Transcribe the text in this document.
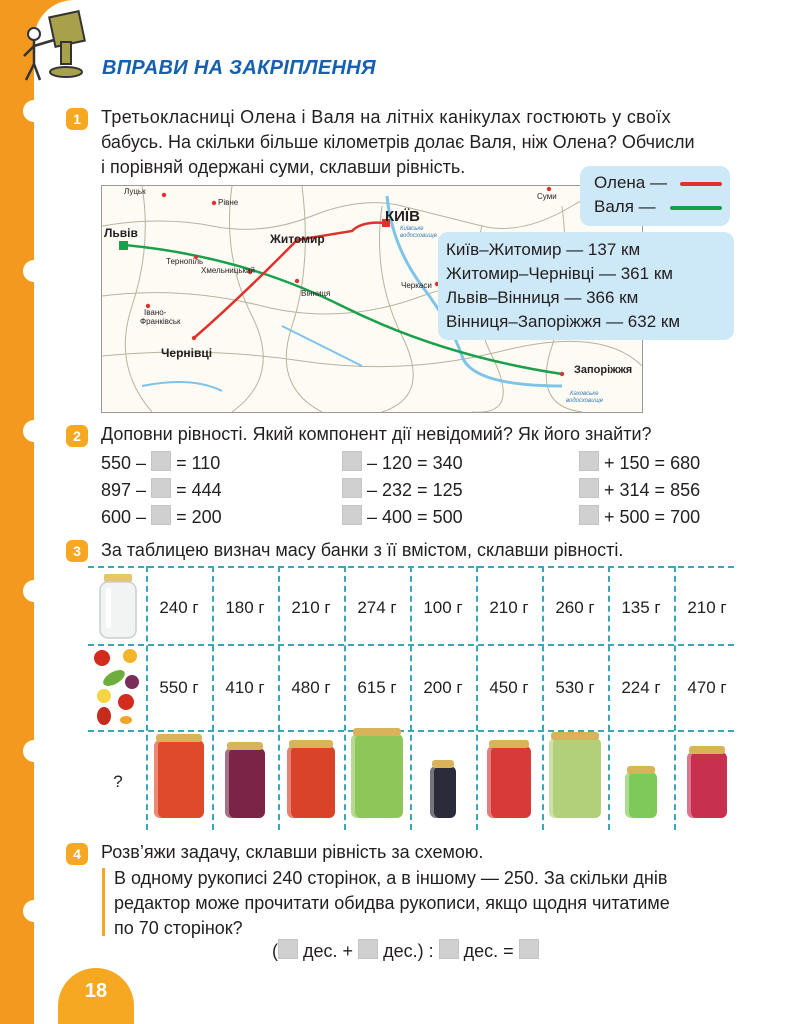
ВПРАВИ НА ЗАКРІПЛЕННЯ
1	Третьокласниці Олена і Валя на літніх канікулах гостюють у своїх
бабусь. На скільки більше кілометрів долає Валя, ніж Олена? Обчисли
і порівняй одержані суми, склавши рівність.
Луцьк
Рівне
Львів
Тернопіль
Хмельницький
Івано-
Франківськ
Чернівці
Житомир
КИЇВ
Київське
водосховище
Вінниця
Черкаси
Суми
Запоріжжя
Каховське
водосховище
Олена —
Валя —
Київ–Житомир — 137 км
Житомир–Чернівці — 361 км
Львів–Вінниця — 366 км
Вінниця–Запоріжжя — 632 км
2	Доповни рівності. Який компонент дії невідомий? Як його знайти?
550 – = 110
897 – = 444
600 – = 200
– 120 = 340
– 232 = 125
– 400 = 500
+ 150 = 680
+ 314 = 856
+ 500 = 700
3	За таблицею визнач масу банки з її вмістом, склавши рівності.
?
240 г	180 г	210 г	274 г	100 г	210 г	260 г	135 г	210 г
550 г	410 г	480 г	615 г	200 г	450 г	530 г	224 г	470 г
4	Розв’яжи задачу, склавши рівність за схемою.
В одному рукописі 240 сторінок, а в іншому — 250. За скільки днів
редактор може прочитати обидва рукописи, якщо щодня читатиме
по 70 сторінок?
( дес. + дес.) : дес. =
18
